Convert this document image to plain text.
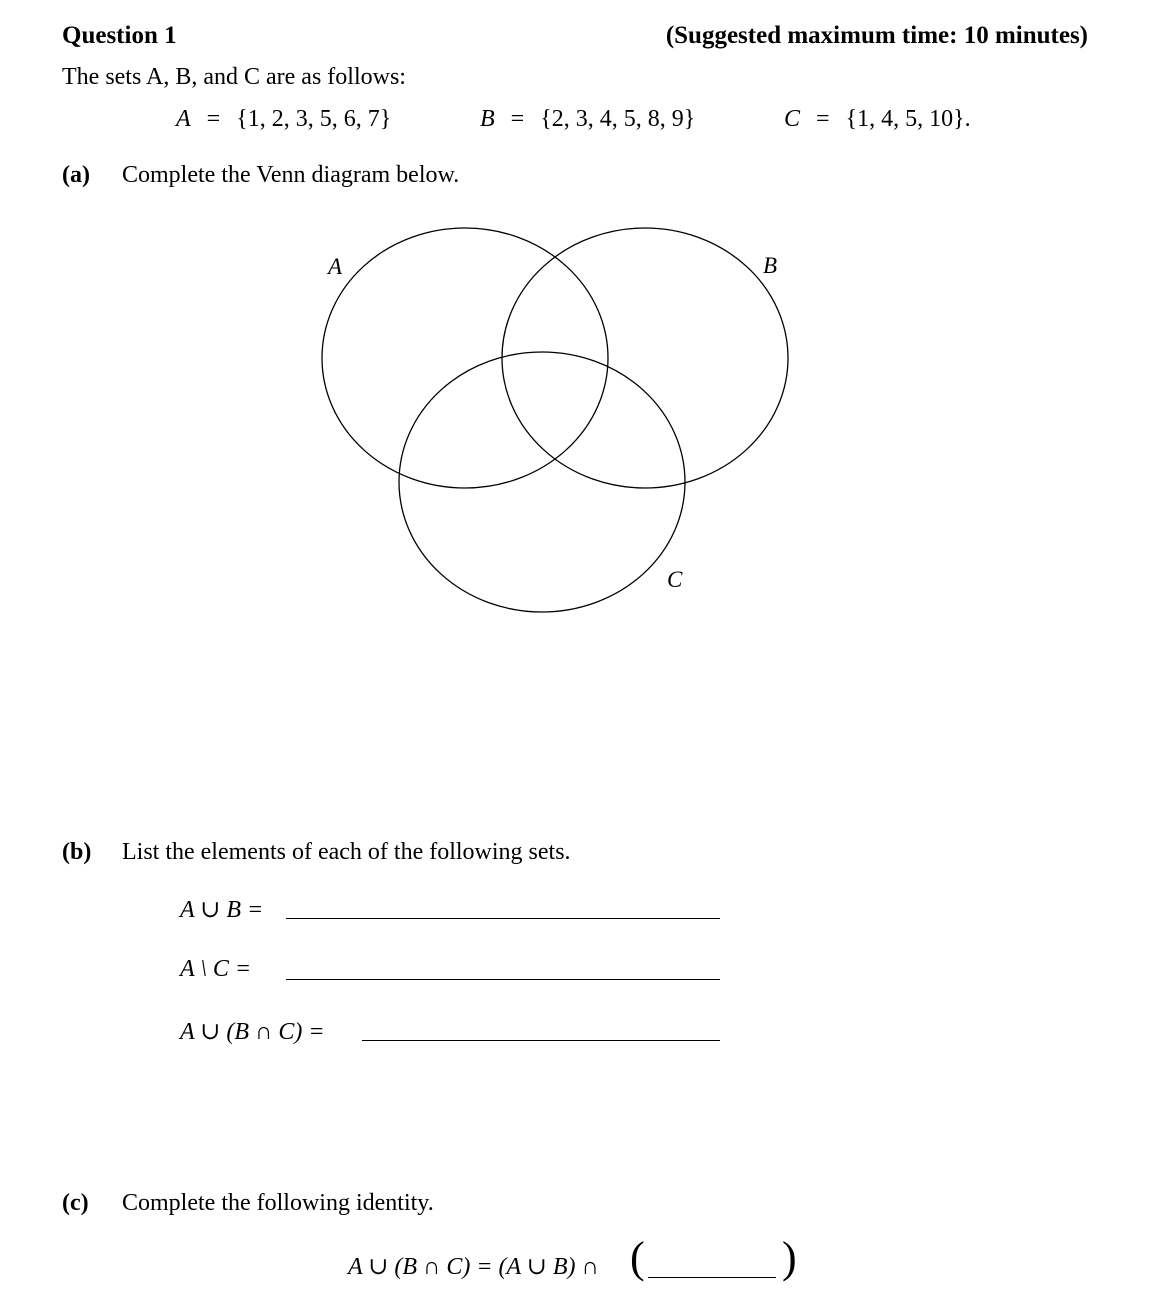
Question 1	(Suggested maximum time: 10 minutes)
The sets A, B, and C are as follows:
A = {1, 2, 3, 5, 6, 7}	B = {2, 3, 4, 5, 8, 9}	C = {1, 4, 5, 10}.
(a) Complete the Venn diagram below.
A	B
C
(b) List the elements of each of the following sets.
A ∪ B =
A \ C =
A ∪ (B ∩ C) =
(c) Complete the following identity.
A ∪ (B ∩ C) = (A ∪ B) ∩ (	)
